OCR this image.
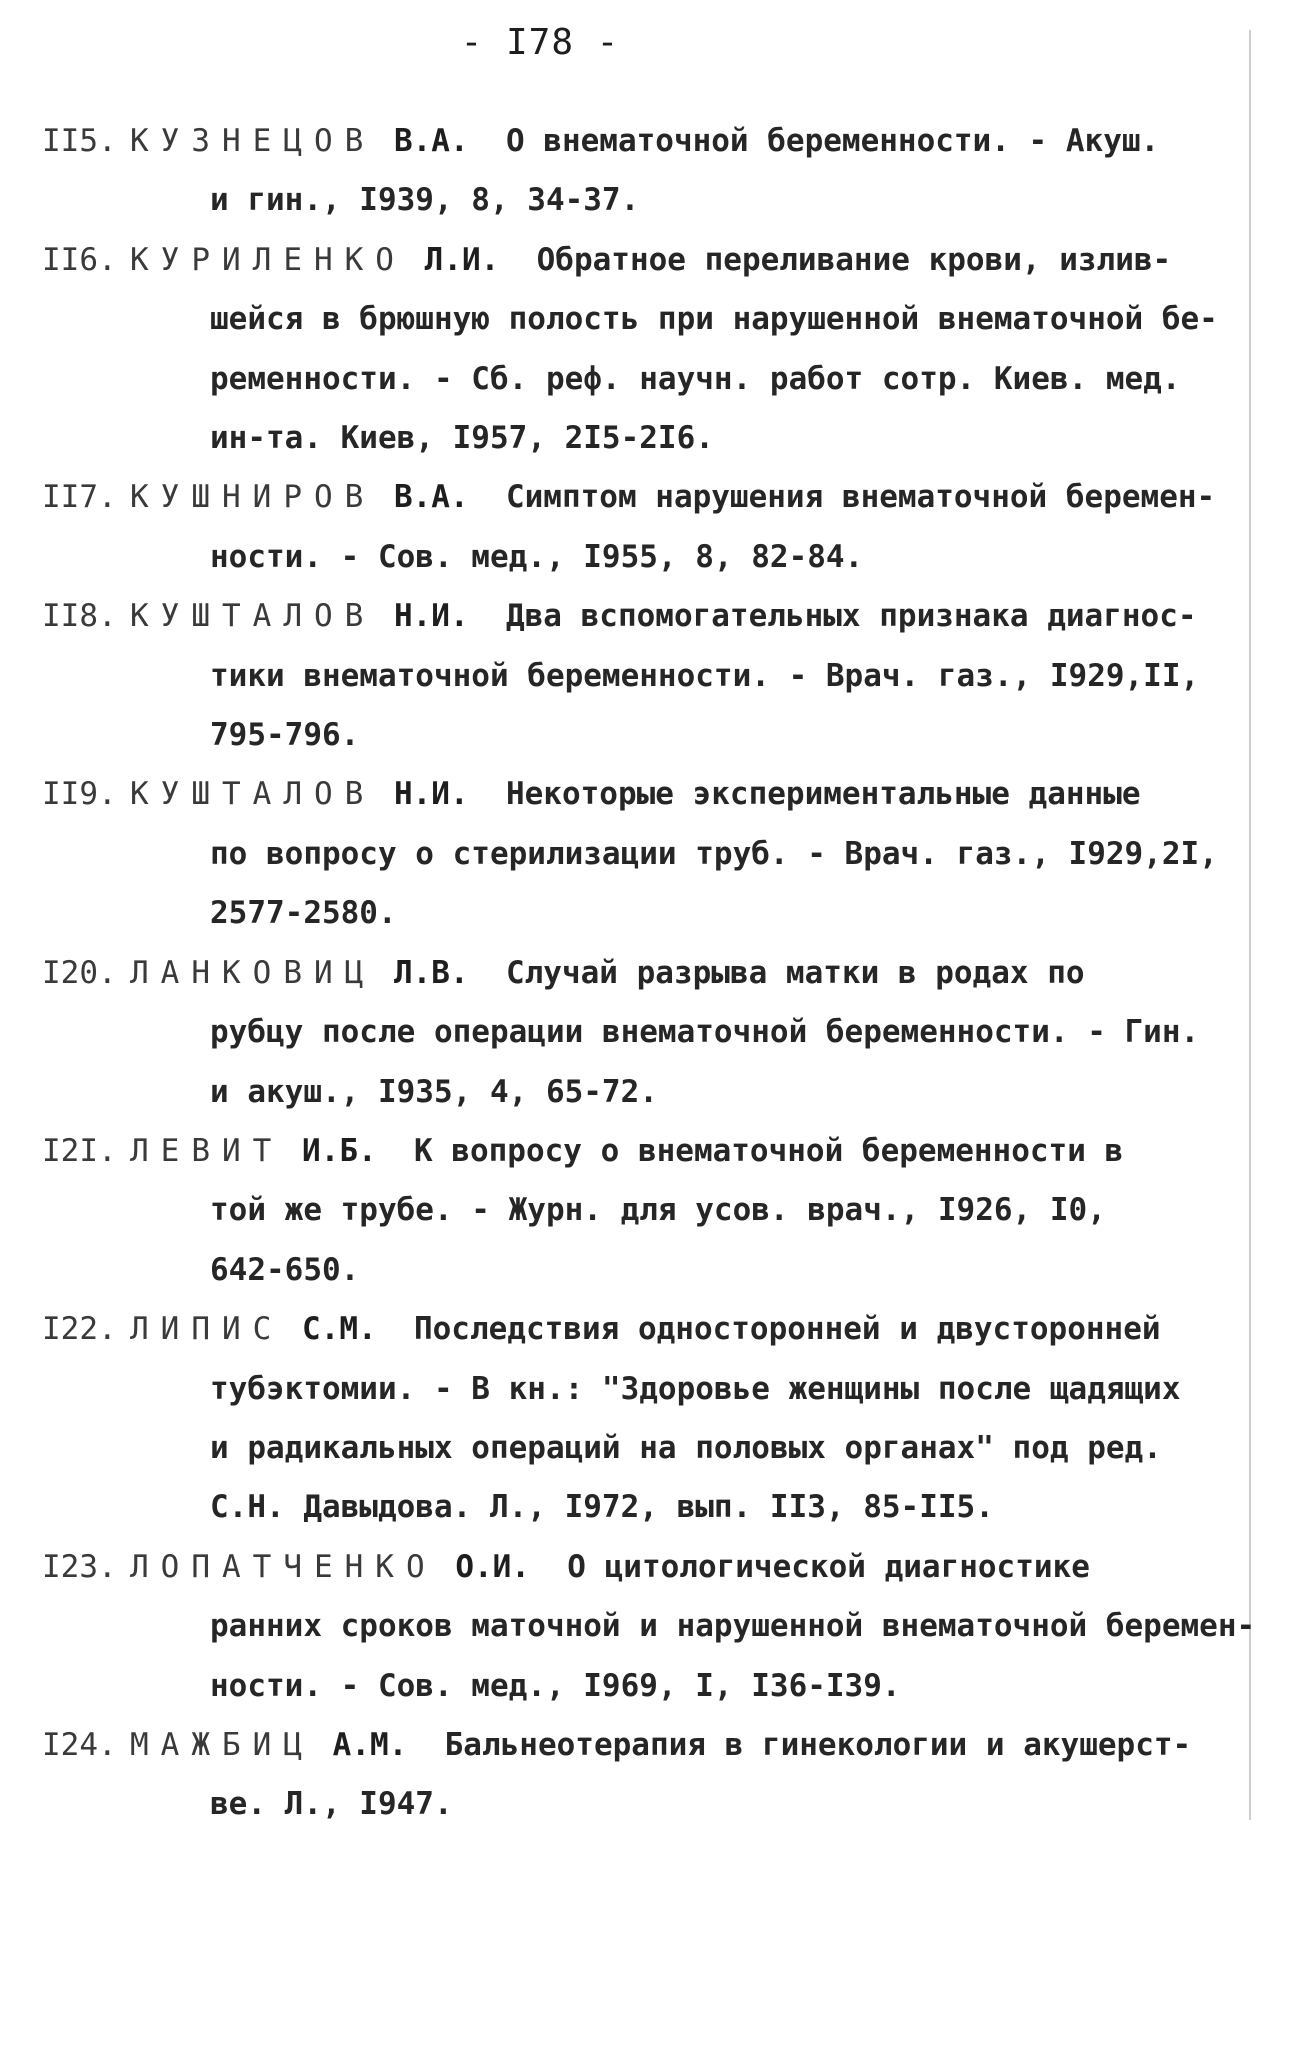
- I78 -
II5. КУЗНЕЦОВ В.А. О внематочной беременности. - Акуш.
и гин., I939, 8, 34-37.
II6. КУРИЛЕНКО Л.И. Обратное переливание крови, излив-
шейся в брюшную полость при нарушенной внематочной бе-
ременности. - Сб. реф. научн. работ сотр. Киев. мед.
ин-та. Киев, I957, 2I5-2I6.
II7. КУШНИРОВ В.А. Симптом нарушения внематочной беремен-
ности. - Сов. мед., I955, 8, 82-84.
II8. КУШТАЛОВ Н.И. Два вспомогательных признака диагнос-
тики внематочной беременности. - Врач. газ., I929,II,
795-796.
II9. КУШТАЛОВ Н.И. Некоторые экспериментальные данные
по вопросу о стерилизации труб. - Врач. газ., I929,2I,
2577-2580.
I20. ЛАНКОВИЦ Л.В. Случай разрыва матки в родах по
рубцу после операции внематочной беременности. - Гин.
и акуш., I935, 4, 65-72.
I2I. ЛЕВИТ И.Б. К вопросу о внематочной беременности в
той же трубе. - Журн. для усов. врач., I926, I0,
642-650.
I22. ЛИПИС С.М. Последствия односторонней и двусторонней
тубэктомии. - В кн.: "Здоровье женщины после щадящих
и радикальных операций на половых органах" под ред.
С.Н. Давыдова. Л., I972, вып. II3, 85-II5.
I23. ЛОПАТЧЕНКО О.И. О цитологической диагностике
ранних сроков маточной и нарушенной внематочной беремен-
ности. - Сов. мед., I969, I, I36-I39.
I24. МАЖБИЦ А.М. Бальнеотерапия в гинекологии и акушерст-
ве. Л., I947.
